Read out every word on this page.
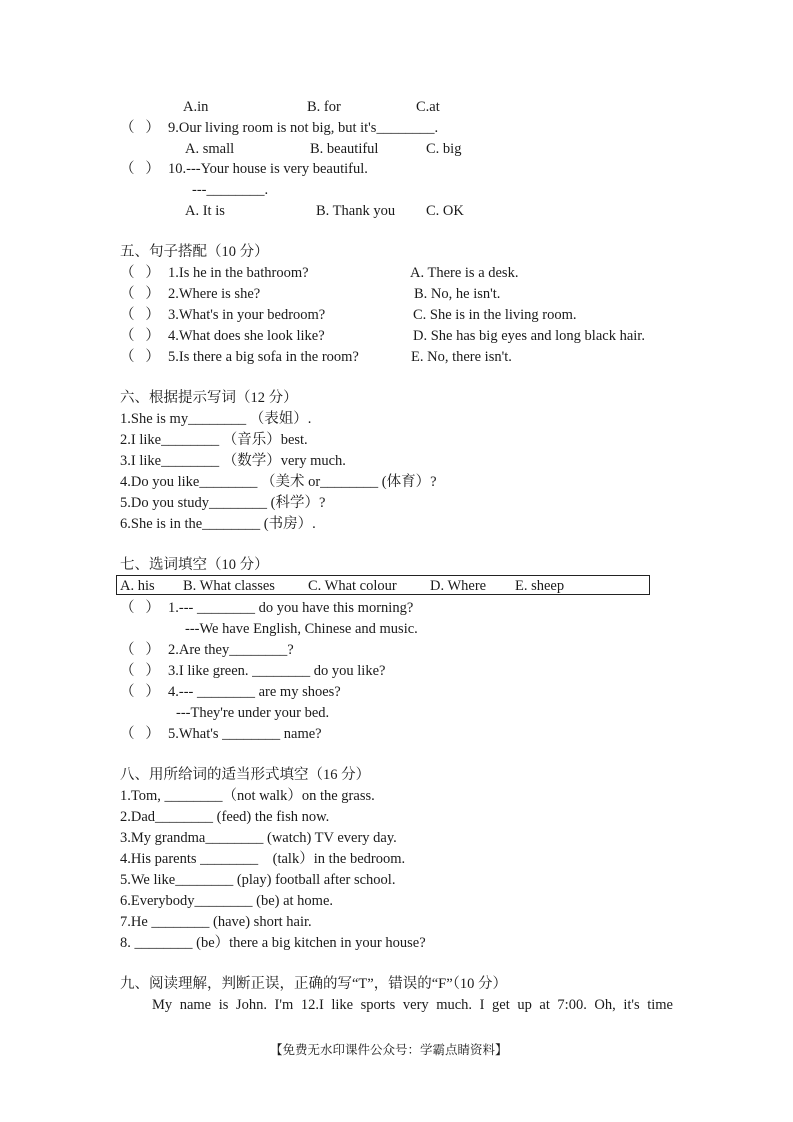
A.in	B. for	C.at
（   ） 9.Our living room is not big, but it's________.
A. small	B. beautiful	C. big
（   ） 10.---Your house is very beautiful.
---________.
A. It is	B. Thank you C. OK
五、句子搭配（10 分）
（   ） 1.Is he in the bathroom?	A. There is a desk.
（   ） 2.Where is she?	B. No, he isn't.
（   ） 3.What's in your bedroom?	C. She is in the living room.
（   ） 4.What does she look like?	D. She has big eyes and long black hair.
（   ） 5.Is there a big sofa in the room?	E. No, there isn't.
六、根据提示写词（12 分）
1.She is my________ （表姐）.
2.I like________ （音乐）best.
3.I like________ （数学）very much.
4.Do you like________ （美术 or________ (体育）?
5.Do you study________ (科学）?
6.She is in the________ (书房）.
七、选词填空（10 分）
A. his B. What classes C. What colour D. Where E. sheep
（   ） 1.--- ________ do you have this morning?
---We have English, Chinese and music.
（   ） 2.Are they________?
（   ） 3.I like green. ________ do you like?
（   ） 4.--- ________ are my shoes?
---They're under your bed.
（   ） 5.What's ________ name?
八、用所给词的适当形式填空（16 分）
1.Tom, ________（not walk）on the grass.
2.Dad________ (feed) the fish now.
3.My grandma________ (watch) TV every day.
4.His parents ________    (talk）in the bedroom.
5.We like________ (play) football after school.
6.Everybody________ (be) at home.
7.He ________ (have) short hair.
8. ________ (be）there a big kitchen in your house?
九、阅读理解，判断正误，正确的写“T”，错误的“F”（10 分）
My name is John. I'm 12.I like sports very much. I get up at 7:00. Oh, it's time
【免费无水印课件公众号：学霸点睛资料】
